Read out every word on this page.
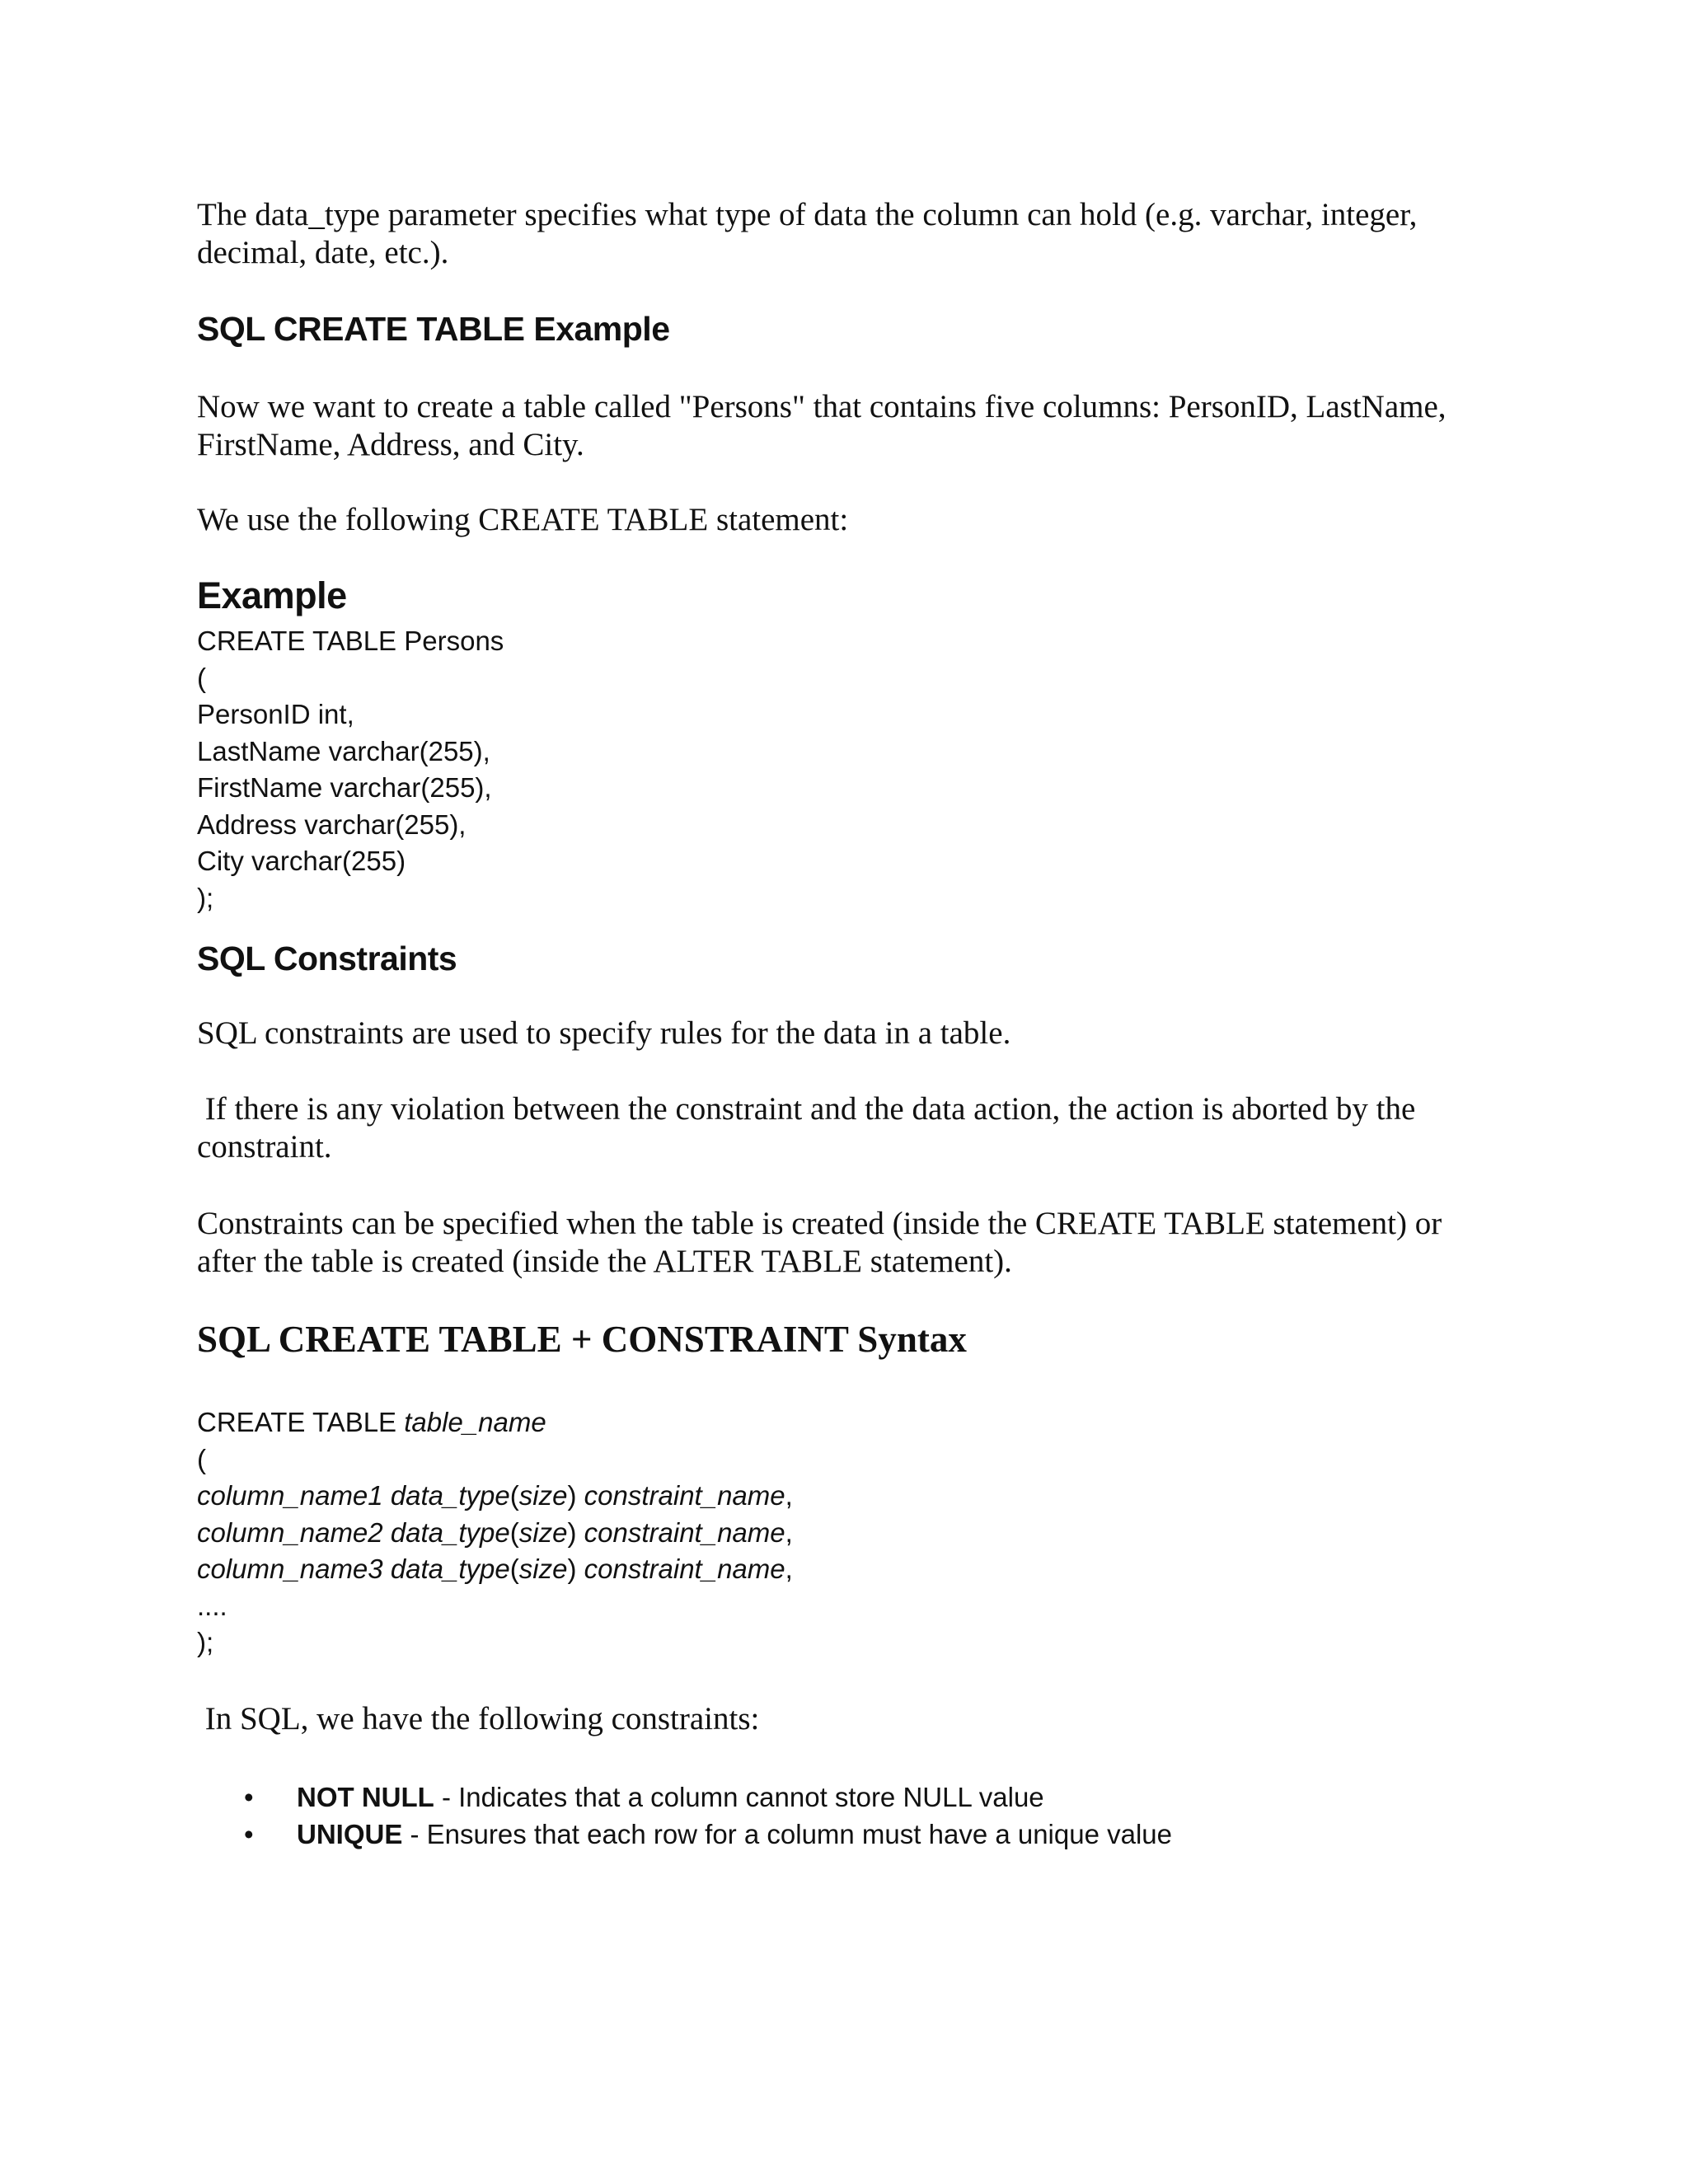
The data_type parameter specifies what type of data the column can hold (e.g. varchar, integer,

decimal, date, etc.).

SQL CREATE TABLE Example

Now we want to create a table called "Persons" that contains five columns: PersonID, LastName,

FirstName, Address, and City.

We use the following CREATE TABLE statement:

Example

CREATE TABLE Persons

(

PersonID int,

LastName varchar(255),

FirstName varchar(255),

Address varchar(255),

City varchar(255)

);

SQL Constraints

SQL constraints are used to specify rules for the data in a table.

If there is any violation between the constraint and the data action, the action is aborted by the

constraint.

Constraints can be specified when the table is created (inside the CREATE TABLE statement) or

after the table is created (inside the ALTER TABLE statement).

SQL CREATE TABLE + CONSTRAINT Syntax

CREATE TABLE table_name

(

column_name1 data_type(size) constraint_name,

column_name2 data_type(size) constraint_name,

column_name3 data_type(size) constraint_name,

....

);

In SQL, we have the following constraints:

• NOT NULL - Indicates that a column cannot store NULL value
• UNIQUE - Ensures that each row for a column must have a unique value
